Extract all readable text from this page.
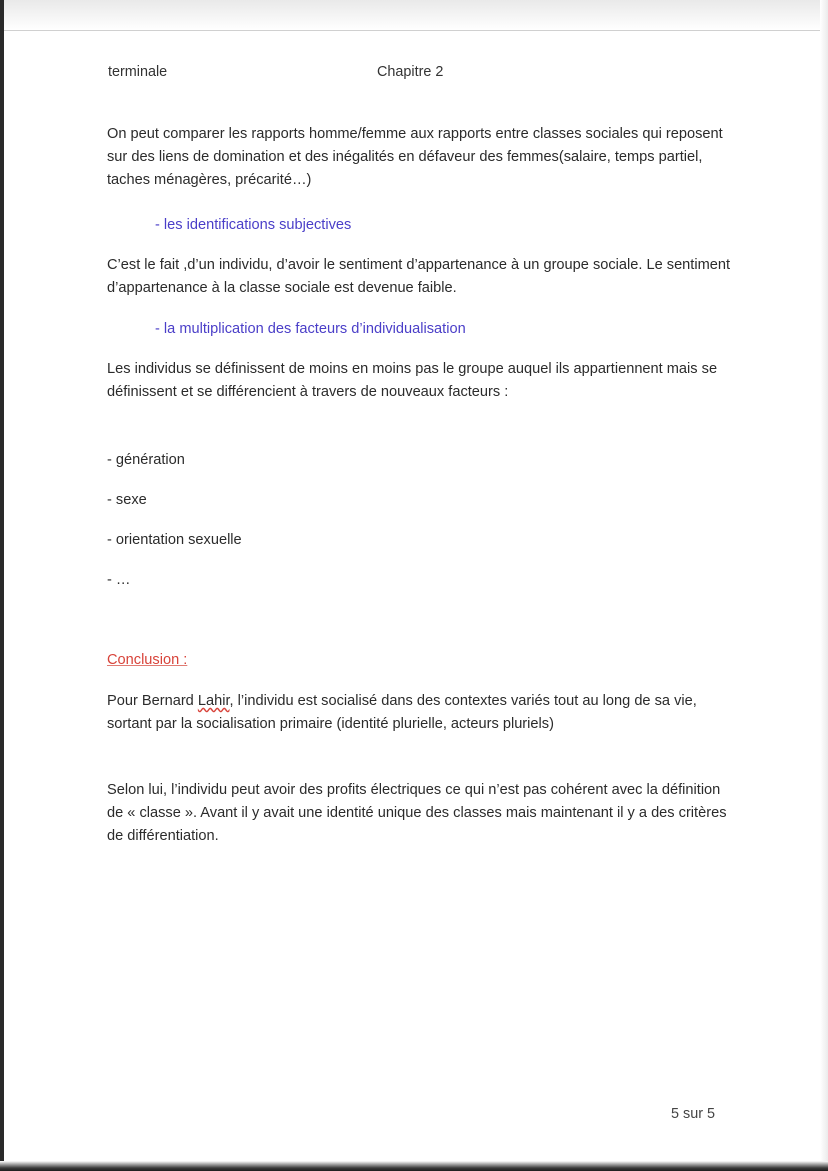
terminale	Chapitre 2

On peut comparer les rapports homme/femme aux rapports entre classes sociales qui reposent sur des liens de domination et des inégalités en défaveur des femmes(salaire, temps partiel, taches ménagères, précarité…)

- les identifications subjectives

C’est le fait ,d’un individu, d’avoir le sentiment d’appartenance à un groupe sociale. Le sentiment d’appartenance à la classe sociale est devenue faible.

- la multiplication des facteurs d’individualisation

Les individus se définissent de moins en moins pas le groupe auquel ils appartiennent mais se définissent et se différencient à travers de nouveaux facteurs :

- génération

- sexe

- orientation sexuelle

- …

Conclusion :

Pour Bernard Lahir, l’individu est socialisé dans des contextes variés tout au long de sa vie, sortant par la socialisation primaire (identité plurielle, acteurs pluriels)

Selon lui, l’individu peut avoir des profits électriques ce qui n’est pas cohérent avec la définition de « classe ». Avant il y avait une identité unique des classes mais maintenant il y a des critères de différentiation.

5 sur 5
